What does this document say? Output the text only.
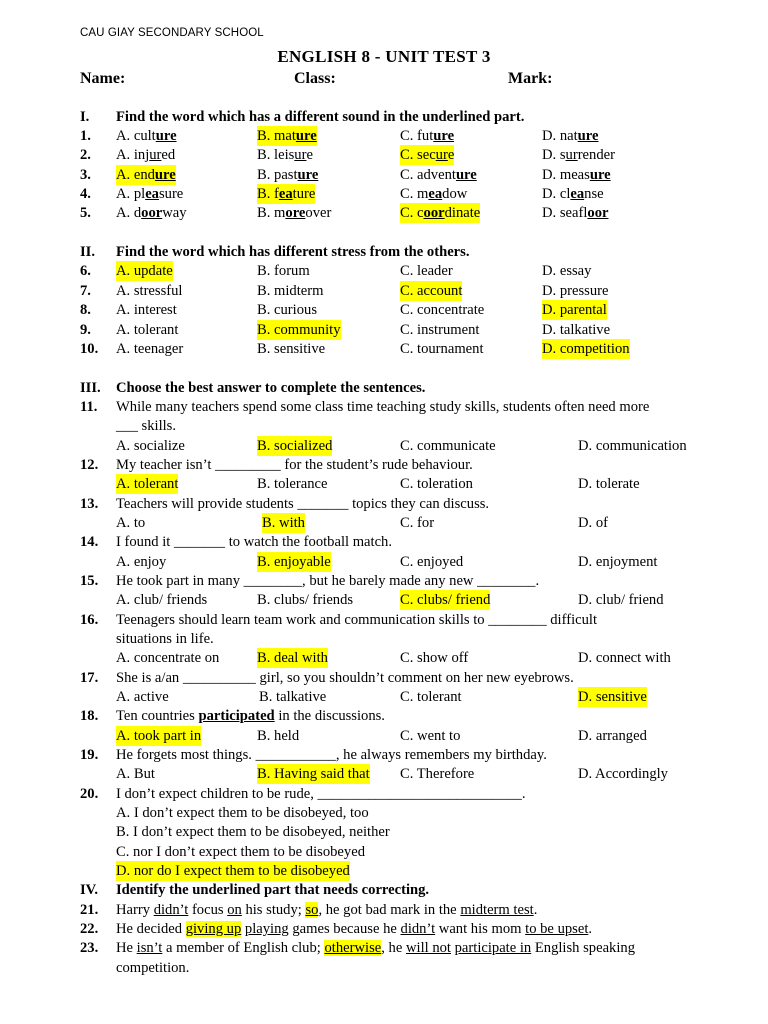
CAU GIAY SECONDARY SCHOOL
ENGLISH 8 - UNIT TEST 3
Name:	Class:	Mark:
I. Find the word which has a different sound in the underlined part.
1. A. culture	B. mature	C. future	D. nature
2. A. injured	B. leisure	C. secure	D. surrender
3. A. endure	B. pasture	C. adventure	D. measure
4. A. pleasure	B. feature	C. meadow	D. cleanse
5. A. doorway	B. moreover	C. coordinate	D. seafloor
II. Find the word which has different stress from the others.
6. A. update	B. forum	C. leader	D. essay
7. A. stressful	B. midterm	C. account	D. pressure
8. A. interest	B. curious	C. concentrate	D. parental
9. A. tolerant	B. community	C. instrument	D. talkative
10. A. teenager	B. sensitive	C. tournament	D. competition
III. Choose the best answer to complete the sentences.
11. While many teachers spend some class time teaching study skills, students often need more
___ skills.
A. socialize	B. socialized	C. communicate	D. communication
12. My teacher isn’t _________ for the student’s rude behaviour.
A. tolerant	B. tolerance	C. toleration	D. tolerate
13. Teachers will provide students _______ topics they can discuss.
A. to	B. with	C. for	D. of
14. I found it _______ to watch the football match.
A. enjoy	B. enjoyable	C. enjoyed	D. enjoyment
15. He took part in many ________, but he barely made any new ________.
A. club/ friends	B. clubs/ friends	C. clubs/ friend	D. club/ friend
16. Teenagers should learn team work and communication skills to ________ difficult
situations in life.
A. concentrate on	B. deal with	C. show off	D. connect with
17. She is a/an __________ girl, so you shouldn’t comment on her new eyebrows.
A. active	B. talkative	C. tolerant	D. sensitive
18. Ten countries participated in the discussions.
A. took part in	B. held	C. went to	D. arranged
19. He forgets most things. ___________, he always remembers my birthday.
A. But	B. Having said that C. Therefore	D. Accordingly
20. I don’t expect children to be rude, ____________________________.
A. I don’t expect them to be disobeyed, too
B. I don’t expect them to be disobeyed, neither
C. nor I don’t expect them to be disobeyed
D. nor do I expect them to be disobeyed
IV. Identify the underlined part that needs correcting.
21. Harry didn’t focus on his study; so, he got bad mark in the midterm test.
22. He decided giving up playing games because he didn’t want his mom to be upset.
23. He isn’t a member of English club; otherwise, he will not participate in English speaking
competition.
